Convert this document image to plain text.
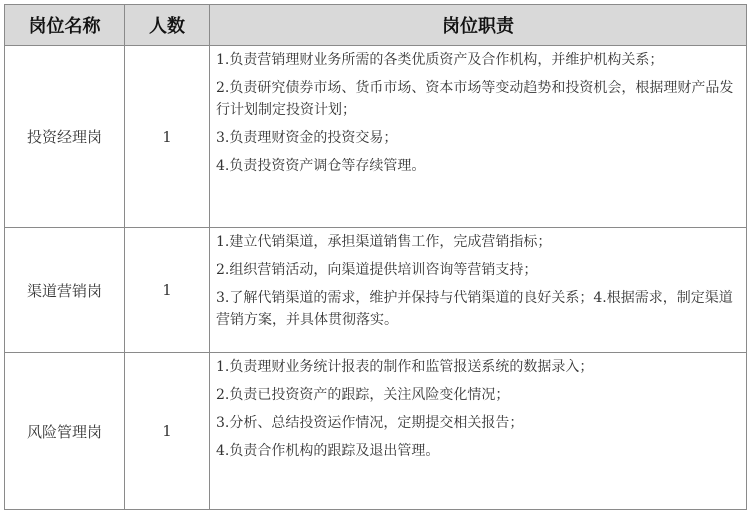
岗位名称	人数	岗位职责
投资经理岗	1	1.负责营销理财业务所需的各类优质资产及合作机构，并维护机构关系；
2.负责研究债券市场、货币市场、资本市场等变动趋势和投资机会，根据理财产品发行计划制定投资计划；
3.负责理财资金的投资交易；
4.负责投资资产调仓等存续管理。

渠道营销岗	1	1.建立代销渠道，承担渠道销售工作，完成营销指标；
2.组织营销活动，向渠道提供培训咨询等营销支持；
3.了解代销渠道的需求，维护并保持与代销渠道的良好关系；4.根据需求，制定渠道营销方案，并具体贯彻落实。

风险管理岗	1	1.负责理财业务统计报表的制作和监管报送系统的数据录入；
2.负责已投资资产的跟踪，关注风险变化情况；
3.分析、总结投资运作情况，定期提交相关报告；
4.负责合作机构的跟踪及退出管理。
